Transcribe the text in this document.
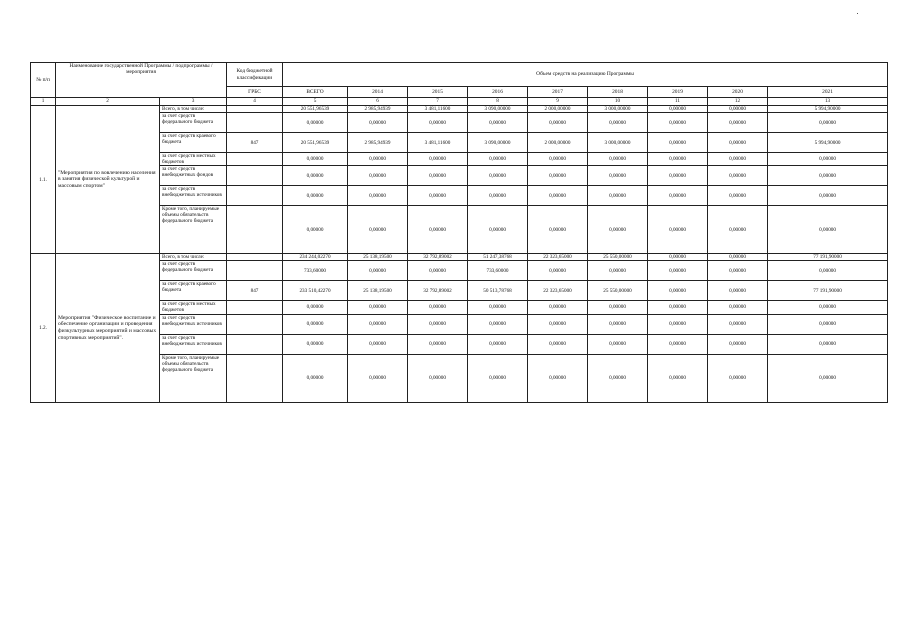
№ п/п	Наименование государственной Программы / подпрограммы / мероприятия		Код бюджетной классификации	Объем средств на реализацию Программы								
			ГРБС	ВСЕГО	2014	2015	2016	2017	2018	2019	2020	2021
1	2	3	4	5	6	7	8	9	10	11	12	13
1.1.	"Мероприятия по вовлечению населения в занятия физической культурой и массовым спортом"	Всего, в том числе:		20 551,96539	2 985,94939	3 481,11600	3 090,00000	2 000,00000	3 000,00000	0,00000	0,00000	5 994,90000
		за счет средств федерального бюджета		0,00000	0,00000	0,00000	0,00000	0,00000	0,00000	0,00000	0,00000	0,00000
		за счет средств краевого бюджета	847	20 551,96539	2 985,94939	3 481,11600	3 090,00000	2 000,00000	3 000,00000	0,00000	0,00000	5 994,90000
		за счет средств местных бюджетов		0,00000	0,00000	0,00000	0,00000	0,00000	0,00000	0,00000	0,00000	0,00000
		за счет средств внебюджетных фондов		0,00000	0,00000	0,00000	0,00000	0,00000	0,00000	0,00000	0,00000	0,00000
		за счет средств внебюджетных источников		0,00000	0,00000	0,00000	0,00000	0,00000	0,00000	0,00000	0,00000	0,00000
		Кроме того, планируемые объемы обязательств федерального бюджета		0,00000	0,00000	0,00000	0,00000	0,00000	0,00000	0,00000	0,00000	0,00000
1.2.	Мероприятия "Физическое воспитание и обеспечение организации и проведения физкультурных мероприятий и массовых спортивных мероприятий".	Всего, в том числе:		234 244,02270	25 138,19500	32 792,89002	51 247,38768	22 323,65000	25 550,00000	0,00000	0,00000	77 191,90000
		за счет средств федерального бюджета		733,60000	0,00000	0,00000	733,60000	0,00000	0,00000	0,00000	0,00000	0,00000
		за счет средств краевого бюджета	847	233 510,42270	25 138,19500	32 792,89002	50 513,78768	22 323,65000	25 550,00000	0,00000	0,00000	77 191,90000
		за счет средств местных бюджетов		0,00000	0,00000	0,00000	0,00000	0,00000	0,00000	0,00000	0,00000	0,00000
		за счет средств внебюджетных источников		0,00000	0,00000	0,00000	0,00000	0,00000	0,00000	0,00000	0,00000	0,00000
		за счет средств внебюджетных источников		0,00000	0,00000	0,00000	0,00000	0,00000	0,00000	0,00000	0,00000	0,00000
		Кроме того, планируемые объемы обязательств федерального бюджета		0,00000	0,00000	0,00000	0,00000	0,00000	0,00000	0,00000	0,00000	0,00000
